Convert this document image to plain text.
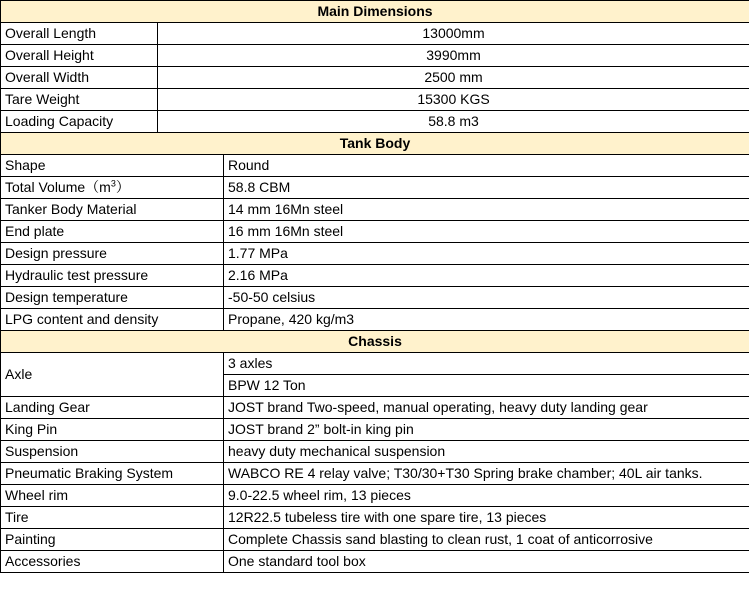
Main Dimensions		
Overall Length	13000mm	
Overall Height	3990mm	
Overall Width	2500 mm	
Tare Weight	15300 KGS	
Loading Capacity	58.8 m3	
Tank Body		
Shape		Round
Total $Volume(m^3)$		58.8 CBM
Tanker Body Material		14 mm 16Mn steel
End plate		16 mm 16Mn steel
Design pressure		1.77 MPa
Hydraulic test pressure		2.16 MPa
Design temperature		-50-50 celsius
LPG content and density		Propane, 420 kg/m3
Chassis		
Axle		3 axles
		BPW 12 Ton
Landing Gear		JOST brand Two-speed, manual operating, heavy duty landing gear
King Pin		JOST brand 2” bolt-in king pin
Suspension		heavy duty mechanical suspension
Pneumatic Braking System		WABCO RE 4 relay valve; T30/30+T30 Spring brake chamber; 40L air tanks.
Wheel rim		9.0-22.5 wheel rim, 13 pieces
Tire		12R22.5 tubeless tire with one spare tire, 13 pieces
Painting		Complete Chassis sand blasting to clean rust, 1 coat of anticorrosive
Accessories		One standard tool box
